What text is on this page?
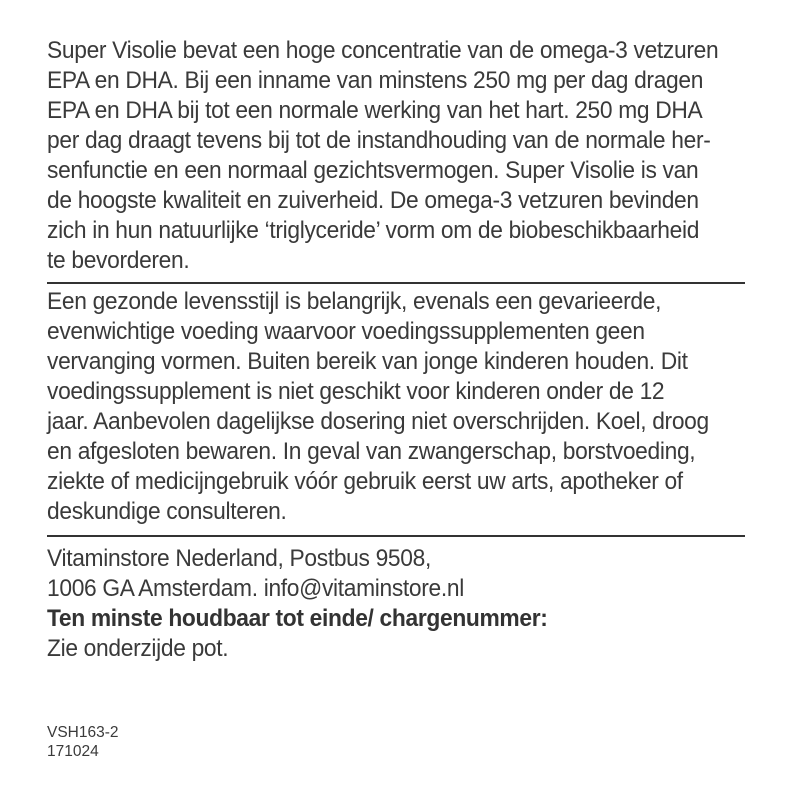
Super Visolie bevat een hoge concentratie van de omega-3 vetzuren
EPA en DHA. Bij een inname van minstens 250 mg per dag dragen
EPA en DHA bij tot een normale werking van het hart. 250 mg DHA
per dag draagt tevens bij tot de instandhouding van de normale her-
senfunctie en een normaal gezichtsvermogen. Super Visolie is van
de hoogste kwaliteit en zuiverheid. De omega-3 vetzuren bevinden
zich in hun natuurlijke ‘triglyceride’ vorm om de biobeschikbaarheid
te bevorderen.
Een gezonde levensstijl is belangrijk, evenals een gevarieerde,
evenwichtige voeding waarvoor voedingssupplementen geen
vervanging vormen. Buiten bereik van jonge kinderen houden. Dit
voedingssupplement is niet geschikt voor kinderen onder de 12
jaar. Aanbevolen dagelijkse dosering niet overschrijden. Koel, droog
en afgesloten bewaren. In geval van zwangerschap, borstvoeding,
ziekte of medicijngebruik vóór gebruik eerst uw arts, apotheker of
deskundige consulteren.
Vitaminstore Nederland, Postbus 9508,
1006 GA Amsterdam. info@vitaminstore.nl
Ten minste houdbaar tot einde/ chargenummer:
Zie onderzijde pot.
VSH163-2
171024
